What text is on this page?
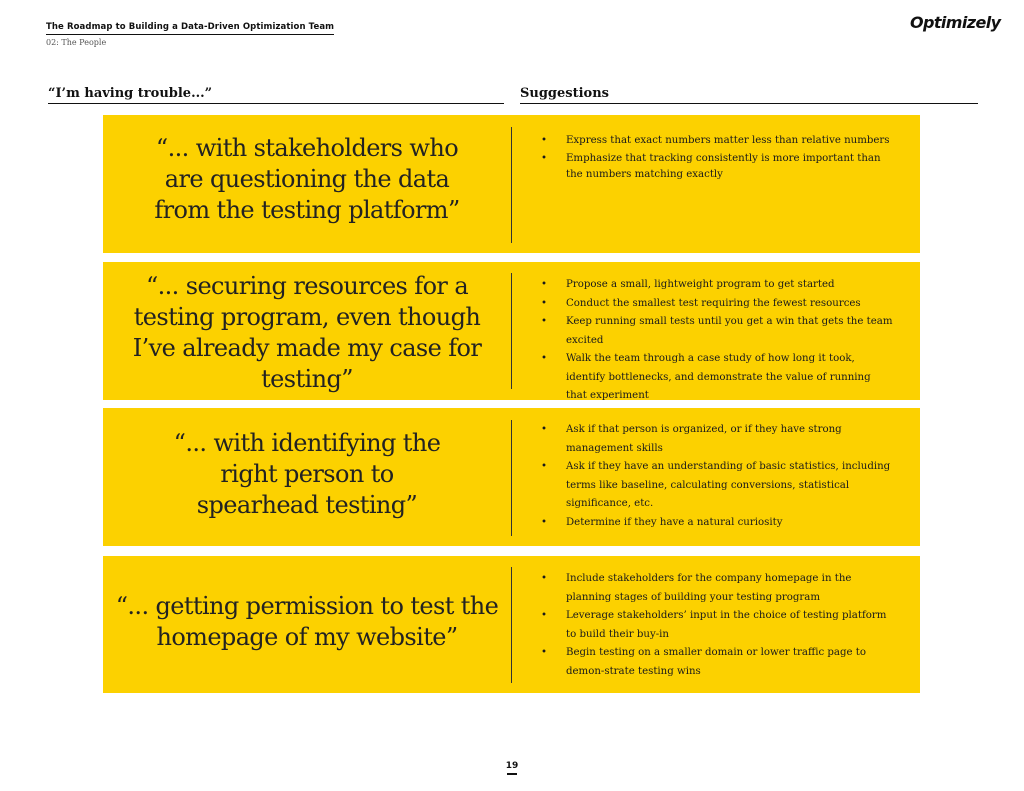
The Roadmap to Building a Data-Driven Optimization Team
02: The People
Optimizely
“I’m having trouble...”	Suggestions
“... with stakeholders who are questioning the data from the testing platform”
• Express that exact numbers matter less than relative numbers
• Emphasize that tracking consistently is more important than the numbers matching exactly
“... securing resources for a testing program, even though I’ve already made my case for testing”
• Propose a small, lightweight program to get started
• Conduct the smallest test requiring the fewest resources
• Keep running small tests until you get a win that gets the team excited
• Walk the team through a case study of how long it took, identify bottlenecks, and demonstrate the value of running that experiment
“... with identifying the right person to spearhead testing”
• Ask if that person is organized, or if they have strong management skills
• Ask if they have an understanding of basic statistics, including terms like baseline, calculating conversions, statistical significance, etc.
• Determine if they have a natural curiosity
“... getting permission to test the homepage of my website”
• Include stakeholders for the company homepage in the planning stages of building your testing program
• Leverage stakeholders’ input in the choice of testing platform to build their buy-in
• Begin testing on a smaller domain or lower traffic page to demon-strate testing wins
19
